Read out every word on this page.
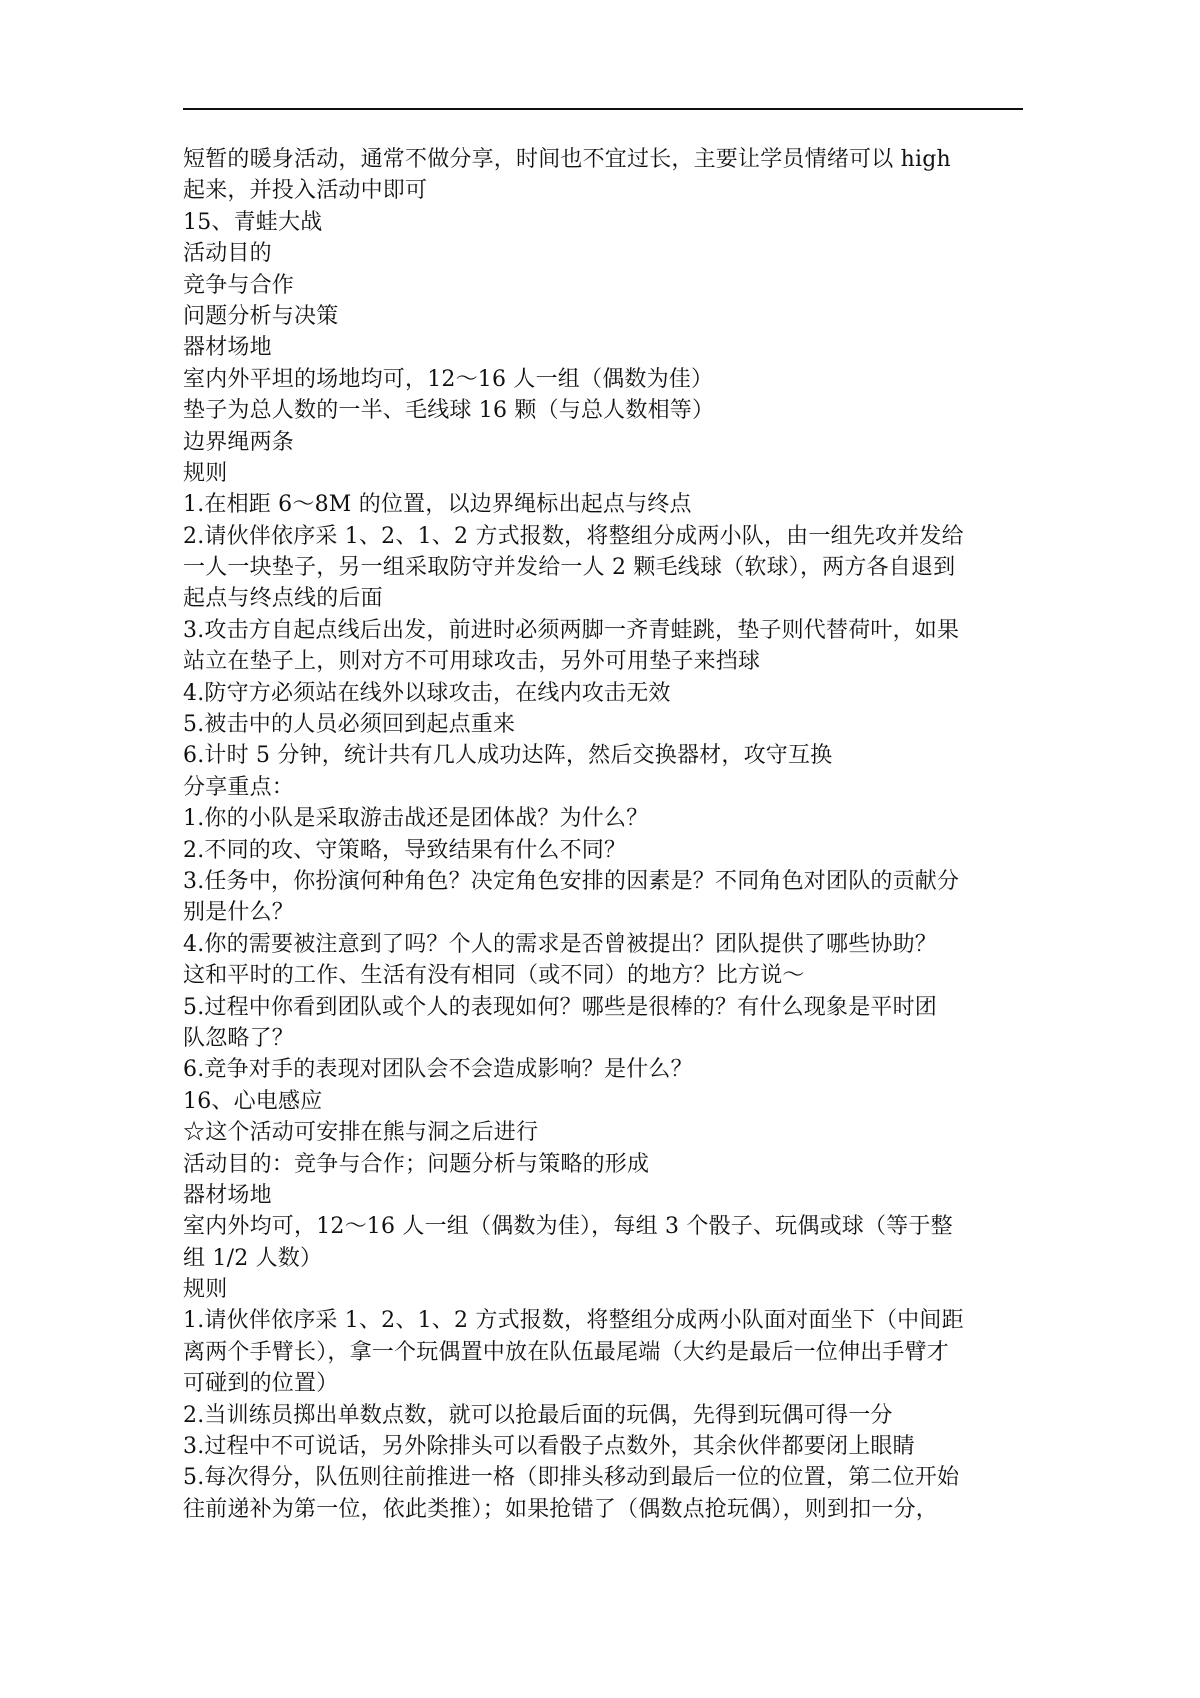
短暂的暖身活动，通常不做分享，时间也不宜过长，主要让学员情绪可以 high
起来，并投入活动中即可
15、青蛙大战
活动目的
竞争与合作
问题分析与决策
器材场地
室内外平坦的场地均可，12～16 人一组（偶数为佳）
垫子为总人数的一半、毛线球 16 颗（与总人数相等）
边界绳两条
规则
1.在相距 6～8M 的位置，以边界绳标出起点与终点
2.请伙伴依序采 1、2、1、2 方式报数，将整组分成两小队，由一组先攻并发给
一人一块垫子，另一组采取防守并发给一人 2 颗毛线球（软球），两方各自退到
起点与终点线的后面
3.攻击方自起点线后出发，前进时必须两脚一齐青蛙跳，垫子则代替荷叶，如果
站立在垫子上，则对方不可用球攻击，另外可用垫子来挡球
4.防守方必须站在线外以球攻击，在线内攻击无效
5.被击中的人员必须回到起点重来
6.计时 5 分钟，统计共有几人成功达阵，然后交换器材，攻守互换
分享重点：
1.你的小队是采取游击战还是团体战？为什么？
2.不同的攻、守策略，导致结果有什么不同？
3.任务中，你扮演何种角色？决定角色安排的因素是？不同角色对团队的贡献分
别是什么？
4.你的需要被注意到了吗？个人的需求是否曾被提出？团队提供了哪些协助？
这和平时的工作、生活有没有相同（或不同）的地方？比方说～
5.过程中你看到团队或个人的表现如何？哪些是很棒的？有什么现象是平时团
队忽略了？
6.竞争对手的表现对团队会不会造成影响？是什么？
16、心电感应
☆这个活动可安排在熊与洞之后进行
活动目的：竞争与合作；问题分析与策略的形成
器材场地
室内外均可，12～16 人一组（偶数为佳），每组 3 个骰子、玩偶或球（等于整
组 1/2 人数）
规则
1.请伙伴依序采 1、2、1、2 方式报数，将整组分成两小队面对面坐下（中间距
离两个手臂长），拿一个玩偶置中放在队伍最尾端（大约是最后一位伸出手臂才
可碰到的位置）
2.当训练员掷出单数点数，就可以抢最后面的玩偶，先得到玩偶可得一分
3.过程中不可说话，另外除排头可以看骰子点数外，其余伙伴都要闭上眼睛
5.每次得分，队伍则往前推进一格（即排头移动到最后一位的位置，第二位开始
往前递补为第一位，依此类推）；如果抢错了（偶数点抢玩偶），则到扣一分，
